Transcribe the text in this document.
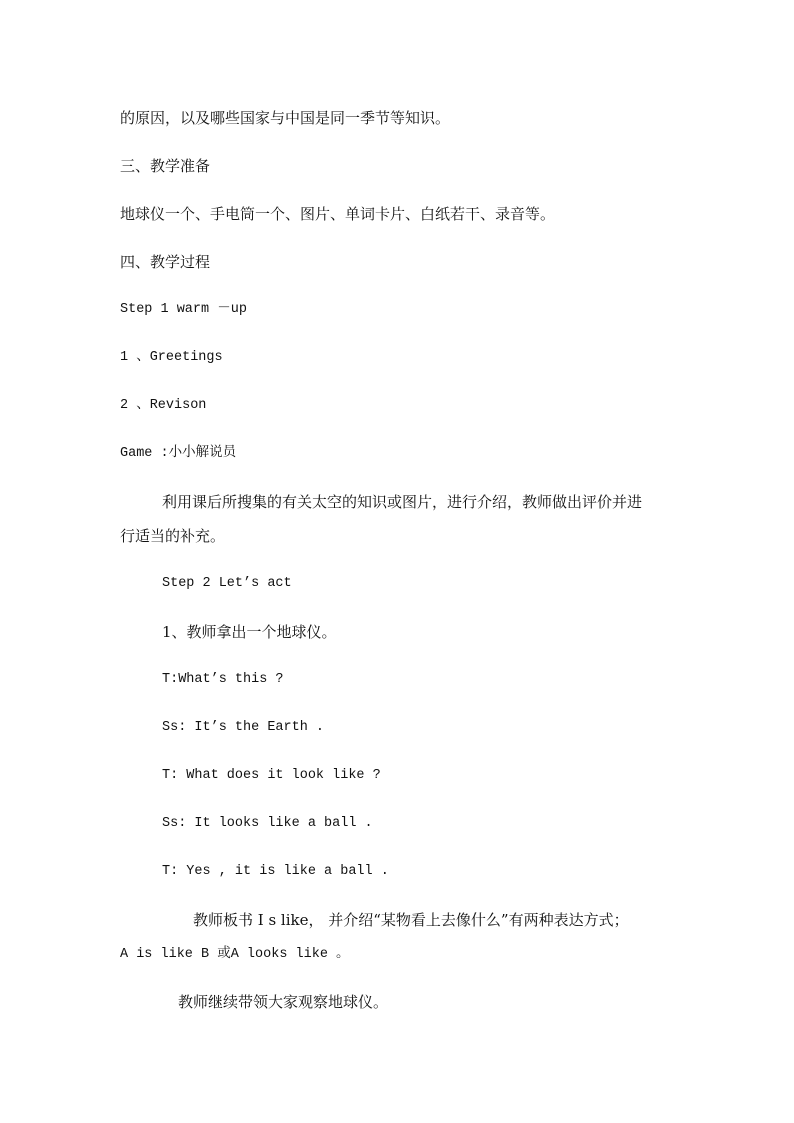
的原因，以及哪些国家与中国是同一季节等知识。
三、教学准备
地球仪一个、手电筒一个、图片、单词卡片、白纸若干、录音等。
四、教学过程
Step 1 warm －up
1 、Greetings
2 、Revison
Game :小小解说员
利用课后所搜集的有关太空的知识或图片，进行介绍，教师做出评价并进
行适当的补充。
Step 2 Let’s act
1、教师拿出一个地球仪。
T:What’s this ?
Ss: It’s the Earth .
T: What does it look like ?
Ss: It looks like a ball .
T: Yes , it is like a ball .
教师板书 I s like， 并介绍“某物看上去像什么”有两种表达方式；
A is like B 或A looks like 。
教师继续带领大家观察地球仪。
